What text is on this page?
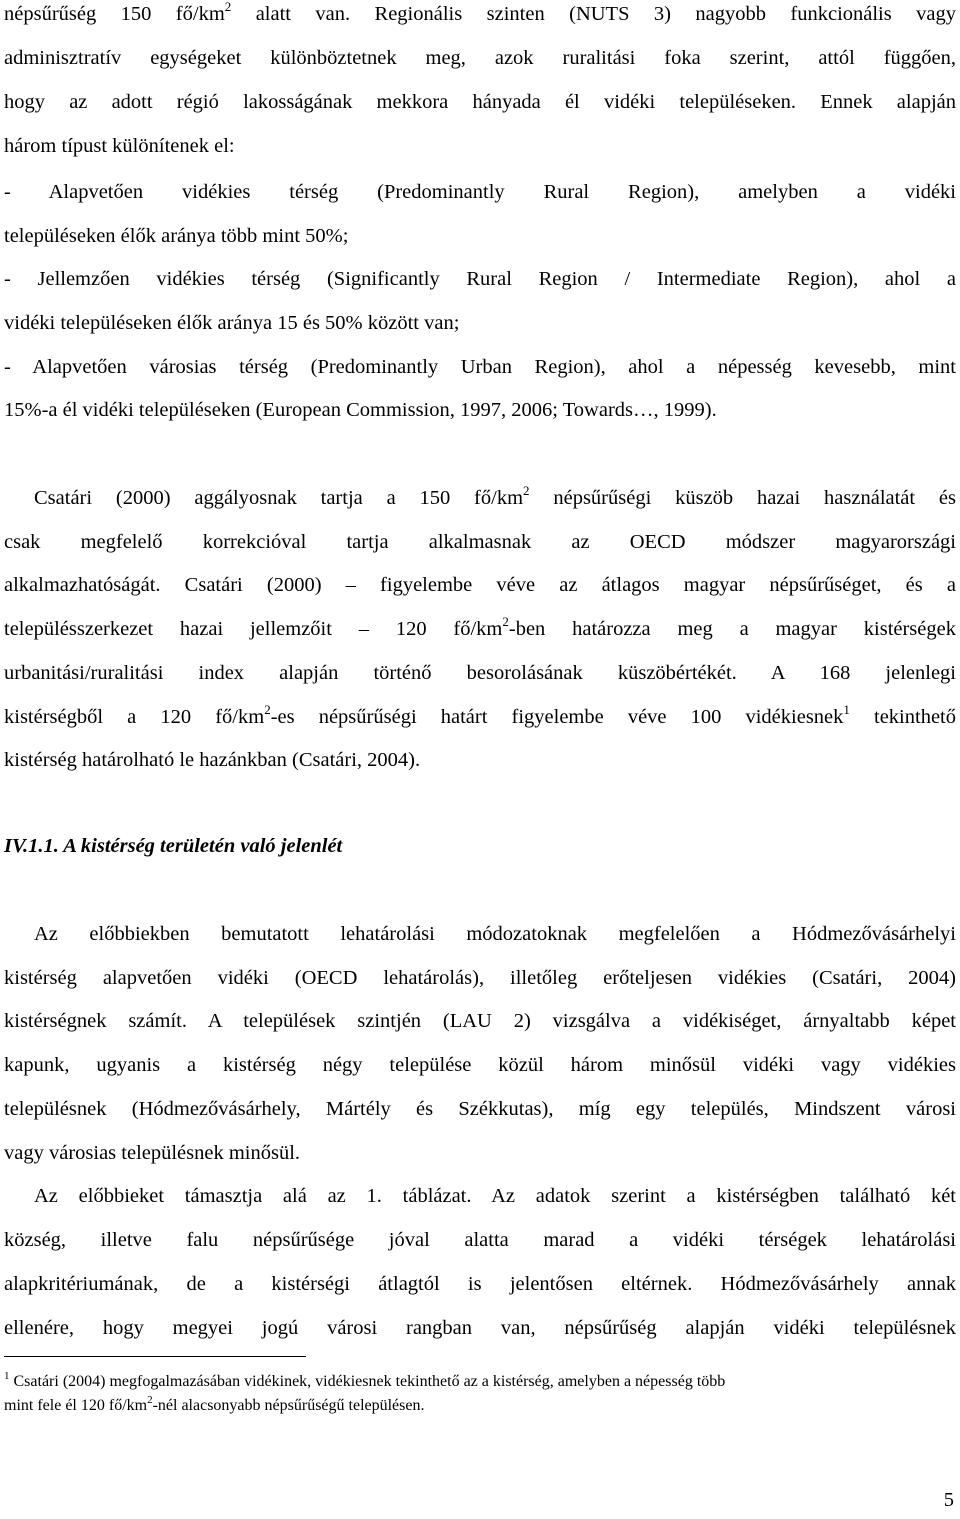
népsűrűség 150 $fő/km^2$ alatt van. Regionális szinten (NUTS 3) nagyobb funkcionális vagy
adminisztratív egységeket különböztetnek meg, azok ruralitási foka szerint, attól függően,
hogy az adott régió lakosságának mekkora hányada él vidéki településeken. Ennek alapján
három típust különítenek el:
- Alapvetően vidékies térség (Predominantly Rural Region), amelyben a vidéki
településeken élők aránya több mint 50%;
- Jellemzően vidékies térség (Significantly Rural Region / Intermediate Region), ahol a
vidéki településeken élők aránya 15 és 50% között van;
- Alapvetően városias térség (Predominantly Urban Region), ahol a népesség kevesebb, mint
15%-a él vidéki településeken (European Commission, 1997, 2006; Towards…, 1999).
Csatári (2000) aggályosnak tartja a 150 $fő/km^2$ népsűrűségi küszöb hazai használatát és
csak megfelelő korrekcióval tartja alkalmasnak az OECD módszer magyarországi
alkalmazhatóságát. Csatári (2000) – figyelembe véve az átlagos magyar népsűrűséget, és a
településszerkezet hazai jellemzőit – 120 $fő/km^2$-ben határozza meg a magyar kistérségek
urbanitási/ruralitási index alapján történő besorolásának küszöbértékét. A 168 jelenlegi
kistérségből a 120 $fő/km^2-es$ népsűrűségi határt figyelembe véve 100 vidékiesnek$^1$ tekinthető
kistérség határolható le hazánkban (Csatári, 2004).
IV.1.1. A kistérség területén való jelenlét
Az előbbiekben bemutatott lehatárolási módozatoknak megfelelően a Hódmezővásárhelyi
kistérség alapvetően vidéki (OECD lehatárolás), illetőleg erőteljesen vidékies (Csatári, 2004)
kistérségnek számít. A települések szintjén (LAU 2) vizsgálva a vidékiséget, árnyaltabb képet
kapunk, ugyanis a kistérség négy települése közül három minősül vidéki vagy vidékies
településnek (Hódmezővásárhely, Mártély és Székkutas), míg egy település, Mindszent városi
vagy városias településnek minősül.
Az előbbieket támasztja alá az 1. táblázat. Az adatok szerint a kistérségben található két
község, illetve falu népsűrűsége jóval alatta marad a vidéki térségek lehatárolási
alapkritériumának, de a kistérségi átlagtól is jelentősen eltérnek. Hódmezővásárhely annak
ellenére, hogy megyei jogú városi rangban van, népsűrűség alapján vidéki településnek
$^1$ Csatári (2004) megfogalmazásában vidékinek, vidékiesnek tekinthető az a kistérség, amelyben a népesség több
mint fele él 120 $fő/km^2$-nél alacsonyabb népsűrűségű településen.
5
